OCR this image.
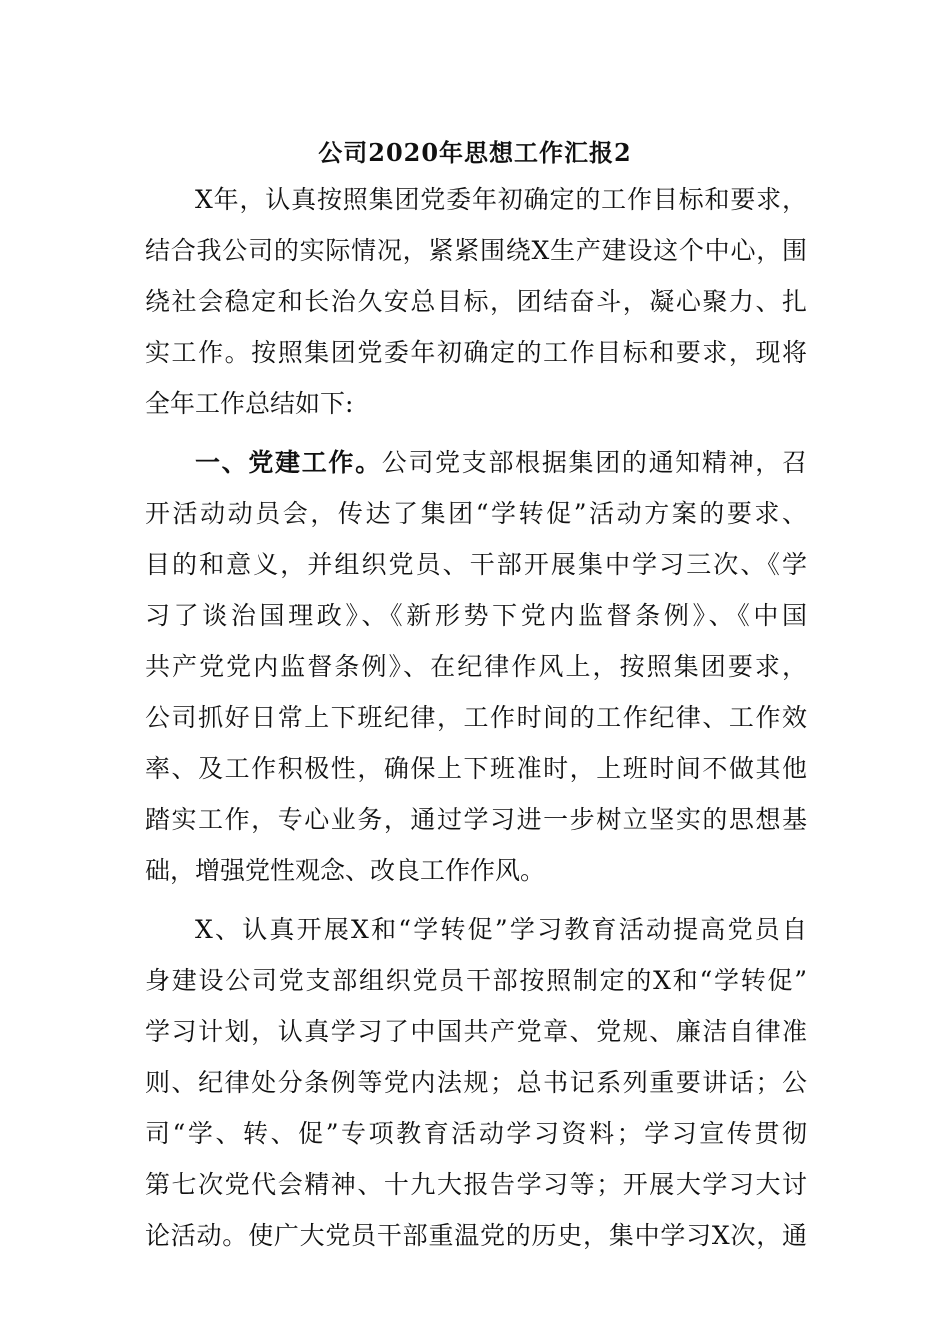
公司2020年思想工作汇报2
X年，认真按照集团党委年初确定的工作目标和要求，
结合我公司的实际情况，紧紧围绕X生产建设这个中心，围
绕社会稳定和长治久安总目标，团结奋斗，凝心聚力、扎
实工作。按照集团党委年初确定的工作目标和要求，现将
全年工作总结如下:
一、党建工作。公司党支部根据集团的通知精神，召
开活动动员会，传达了集团“学转促”活动方案的要求、
目的和意义，并组织党员、干部开展集中学习三次、《学
习了谈治国理政》、《新形势下党内监督条例》、《中国
共产党党内监督条例》、在纪律作风上，按照集团要求，
公司抓好日常上下班纪律，工作时间的工作纪律、工作效
率、及工作积极性，确保上下班准时，上班时间不做其他
踏实工作，专心业务，通过学习进一步树立坚实的思想基
础，增强党性观念、改良工作作风。
X、认真开展X和“学转促”学习教育活动提高党员自
身建设公司党支部组织党员干部按照制定的X和“学转促”
学习计划，认真学习了中国共产党章、党规、廉洁自律准
则、纪律处分条例等党内法规；总书记系列重要讲话；公
司“学、转、促”专项教育活动学习资料；学习宣传贯彻
第七次党代会精神、十九大报告学习等；开展大学习大讨
论活动。使广大党员干部重温党的历史，集中学习X次，通
